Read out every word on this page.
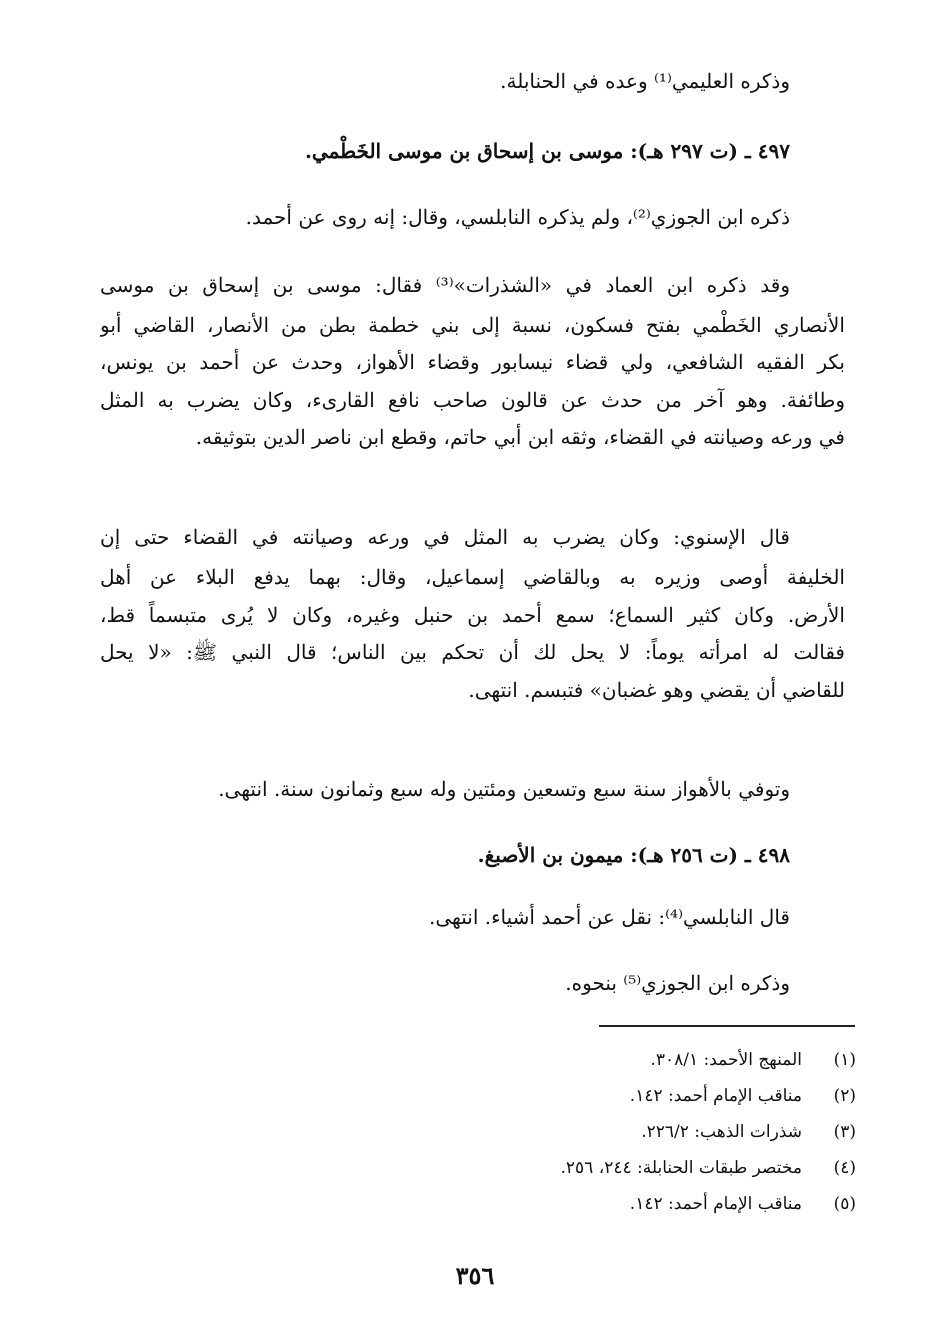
وذكره العليمي⁽¹⁾ وعده في الحنابلة.
٤٩٧ ـ (ت ٢٩٧ هـ): موسى بن إسحاق بن موسى الخَطْمي.
ذكره ابن الجوزي⁽²⁾، ولم يذكره النابلسي، وقال: إنه روى عن أحمد.
وقد ذكره ابن العماد في «الشذرات»⁽³⁾ فقال: موسى بن إسحاق بن موسى
الأنصاري الخَطْمي بفتح فسكون، نسبة إلى بني خطمة بطن من الأنصار، القاضي أبو
بكر الفقيه الشافعي، ولي قضاء نيسابور وقضاء الأهواز، وحدث عن أحمد بن يونس،
وطائفة. وهو آخر من حدث عن قالون صاحب نافع القارىء، وكان يضرب به المثل
في ورعه وصيانته في القضاء، وثقه ابن أبي حاتم، وقطع ابن ناصر الدين بتوثيقه.
قال الإسنوي: وكان يضرب به المثل في ورعه وصيانته في القضاء حتى إن
الخليفة أوصى وزيره به وبالقاضي إسماعيل، وقال: بهما يدفع البلاء عن أهل
الأرض. وكان كثير السماع؛ سمع أحمد بن حنبل وغيره، وكان لا يُرى متبسماً قط،
فقالت له امرأته يوماً: لا يحل لك أن تحكم بين الناس؛ قال النبي ﷺ: «لا يحل
للقاضي أن يقضي وهو غضبان» فتبسم. انتهى.
وتوفي بالأهواز سنة سبع وتسعين ومئتين وله سبع وثمانون سنة. انتهى.
٤٩٨ ـ (ت ٢٥٦ هـ): ميمون بن الأصبغ.
قال النابلسي⁽⁴⁾: نقل عن أحمد أشياء. انتهى.
وذكره ابن الجوزي⁽⁵⁾ بنحوه.
(١)
المنهج الأحمد: ٣٠٨/١.
(٢)
مناقب الإمام أحمد: ١٤٢.
(٣)
شذرات الذهب: ٢٢٦/٢.
(٤)
مختصر طبقات الحنابلة: ٢٤٤، ٢٥٦.
(٥)
مناقب الإمام أحمد: ١٤٢.
٣٥٦
